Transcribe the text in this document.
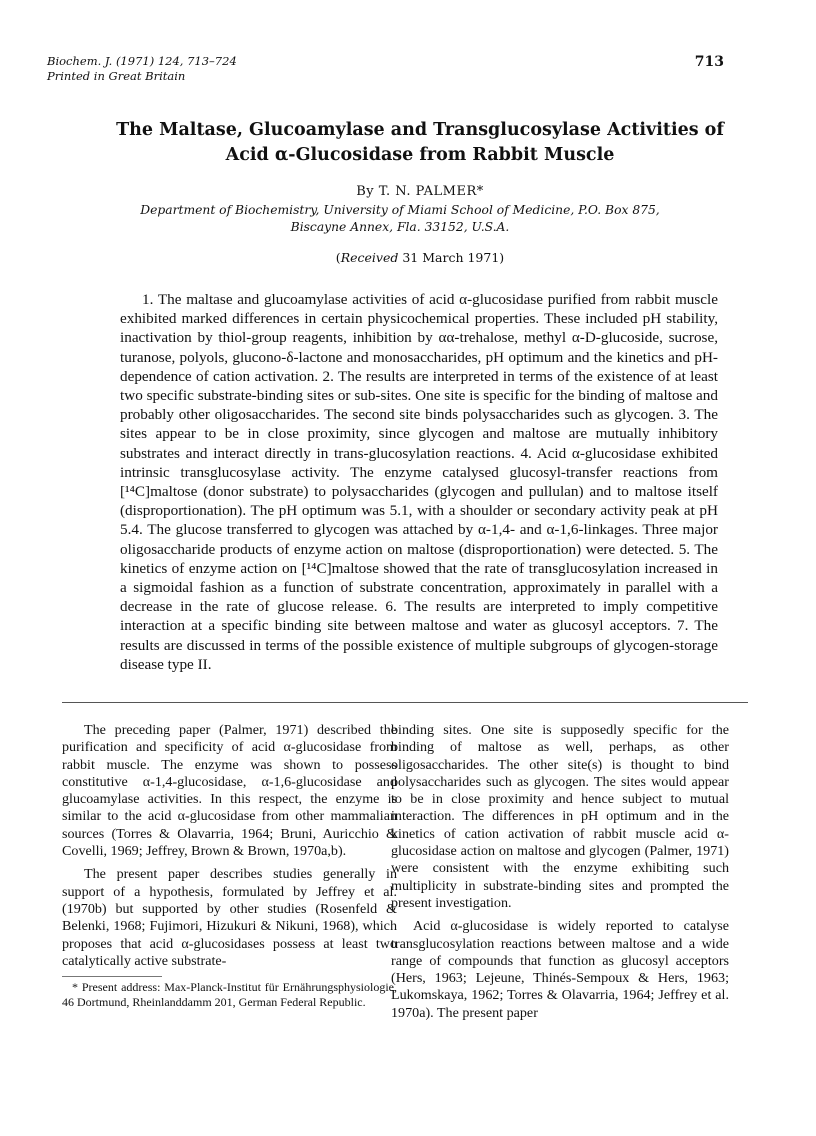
Biochem. J. (1971) 124, 713–724
Printed in Great Britain
713
The Maltase, Glucoamylase and Transglucosylase Activities of
Acid α-Glucosidase from Rabbit Muscle
By T. N. PALMER*
Department of Biochemistry, University of Miami School of Medicine, P.O. Box 875,
Biscayne Annex, Fla. 33152, U.S.A.
(Received 31 March 1971)
1. The maltase and glucoamylase activities of acid α-glucosidase purified from rabbit muscle exhibited marked differences in certain physicochemical properties. These included pH stability, inactivation by thiol-group reagents, inhibition by αα-trehalose, methyl α-D-glucoside, sucrose, turanose, polyols, glucono-δ-lactone and monosaccharides, pH optimum and the kinetics and pH-dependence of cation activation. 2. The results are interpreted in terms of the existence of at least two specific substrate-binding sites or sub-sites. One site is specific for the binding of maltose and probably other oligosaccharides. The second site binds polysaccharides such as glycogen. 3. The sites appear to be in close proximity, since glycogen and maltose are mutually inhibitory substrates and interact directly in trans-glucosylation reactions. 4. Acid α-glucosidase exhibited intrinsic transglucosylase activity. The enzyme catalysed glucosyl-transfer reactions from [¹⁴C]maltose (donor substrate) to polysaccharides (glycogen and pullulan) and to maltose itself (disproportionation). The pH optimum was 5.1, with a shoulder or secondary activity peak at pH 5.4. The glucose transferred to glycogen was attached by α-1,4- and α-1,6-linkages. Three major oligosaccharide products of enzyme action on maltose (disproportionation) were detected. 5. The kinetics of enzyme action on [¹⁴C]maltose showed that the rate of transglucosylation increased in a sigmoidal fashion as a function of substrate concentration, approximately in parallel with a decrease in the rate of glucose release. 6. The results are interpreted to imply competitive interaction at a specific binding site between maltose and water as glucosyl acceptors. 7. The results are discussed in terms of the possible existence of multiple subgroups of glycogen-storage disease type II.

The preceding paper (Palmer, 1971) described the purification and specificity of acid α-glucosidase from rabbit muscle. The enzyme was shown to possess constitutive α-1,4-glucosidase, α-1,6-glucosidase and glucoamylase activities. In this respect, the enzyme is similar to the acid α-glucosidase from other mammalian sources (Torres & Olavarria, 1964; Bruni, Auricchio & Covelli, 1969; Jeffrey, Brown & Brown, 1970a,b).

The present paper describes studies generally in support of a hypothesis, formulated by Jeffrey et al. (1970b) but supported by other studies (Rosenfeld & Belenki, 1968; Fujimori, Hizukuri & Nikuni, 1968), which proposes that acid α-glucosidases possess at least two catalytically active substrate-

* Present address: Max-Planck-Institut für Ernährungsphysiologie, 46 Dortmund, Rheinlanddamm 201, German Federal Republic.

binding sites. One site is supposedly specific for the binding of maltose as well, perhaps, as other oligosaccharides. The other site(s) is thought to bind polysaccharides such as glycogen. The sites would appear to be in close proximity and hence subject to mutual interaction. The differences in pH optimum and in the kinetics of cation activation of rabbit muscle acid α-glucosidase action on maltose and glycogen (Palmer, 1971) were consistent with the enzyme exhibiting such multiplicity in substrate-binding sites and prompted the present investigation.

Acid α-glucosidase is widely reported to catalyse transglucosylation reactions between maltose and a wide range of compounds that function as glucosyl acceptors (Hers, 1963; Lejeune, Thinés-Sempoux & Hers, 1963; Lukomskaya, 1962; Torres & Olavarria, 1964; Jeffrey et al. 1970a). The present paper
